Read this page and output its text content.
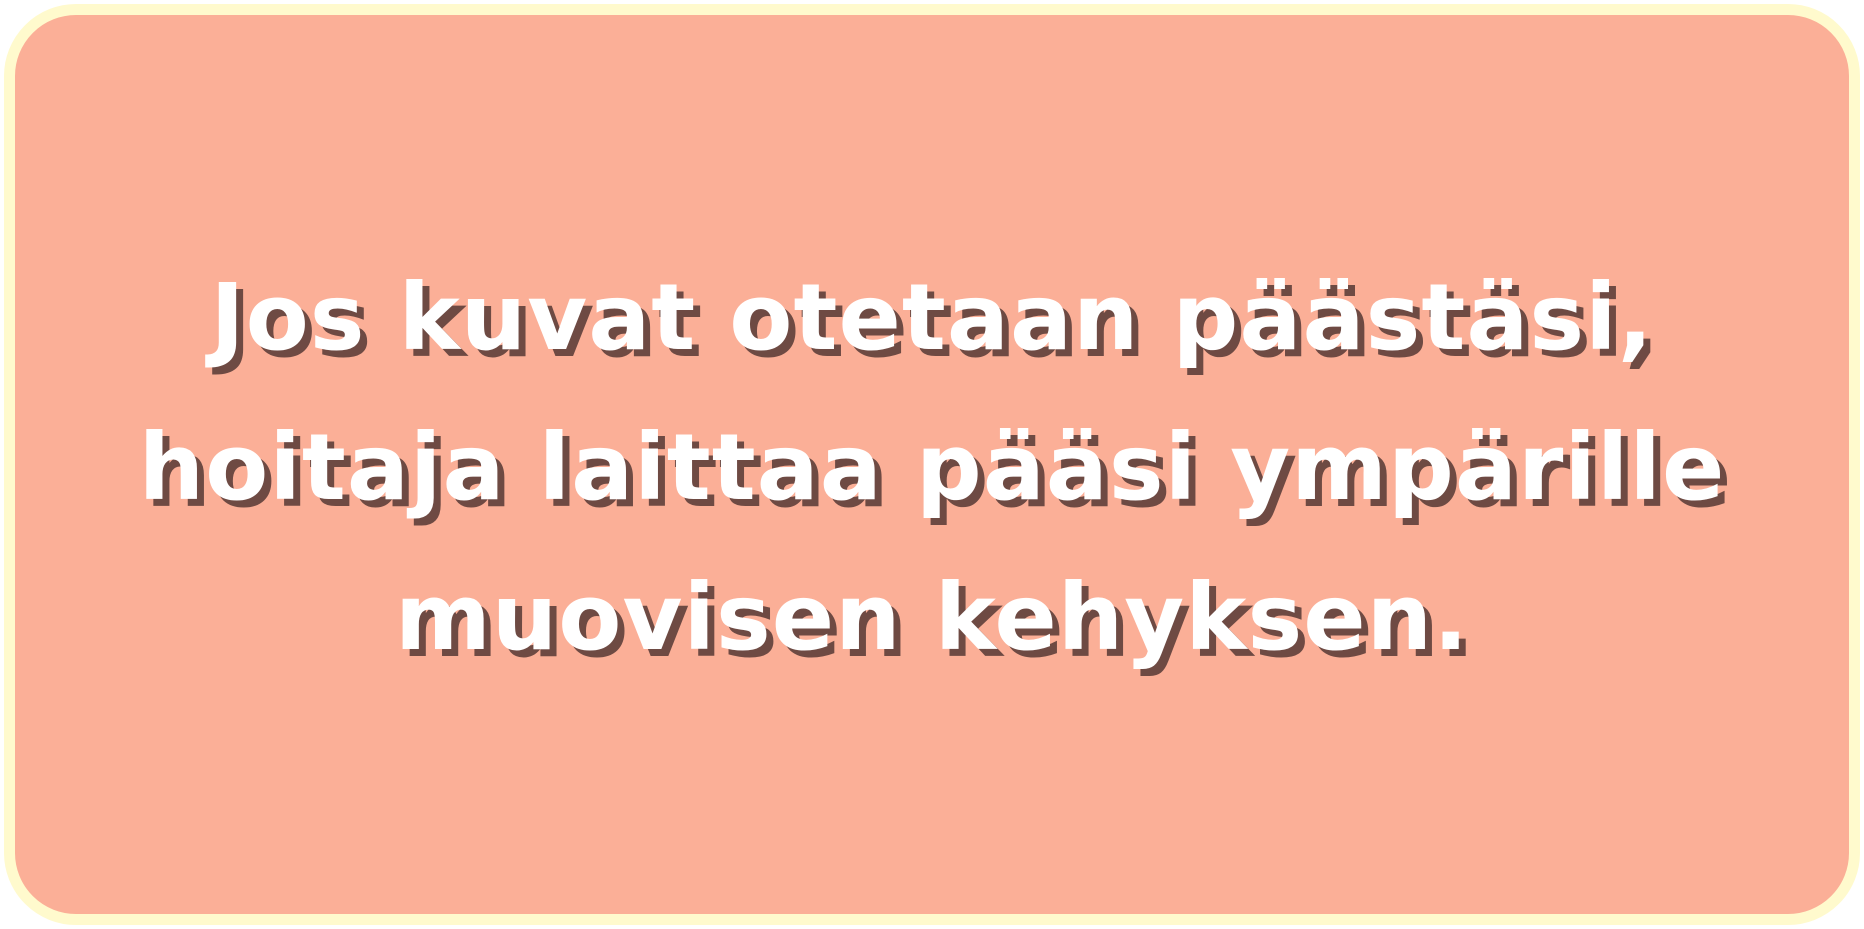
Jos kuvat otetaan päästäsi,
hoitaja laittaa pääsi ympärille
muovisen kehyksen.
